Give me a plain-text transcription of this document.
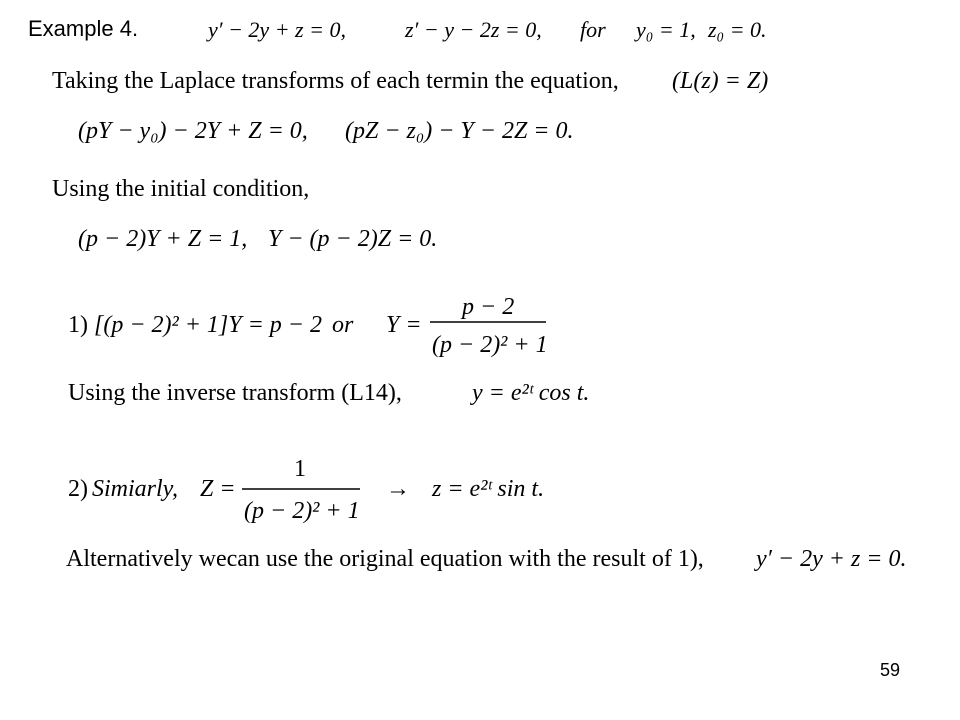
Example 4.	y′ − 2y + z = 0,	z′ − y − 2z = 0, for y₀ = 1, z₀ = 0.
Taking the Laplace transforms of each termin the equation, (L(z) = Z)
(pY − y₀) − 2Y + Z = 0, (pZ − z₀) − Y − 2Z = 0.
Using the initial condition,
(p − 2)Y + Z = 1, Y − (p − 2)Z = 0.
1) [(p − 2)² + 1]Y = p − 2 or Y =
p − 2
(p − 2)² + 1
Using the inverse transform (L14),	y = e²ᵗ cos t.
2) Simiarly, Z =
1
(p − 2)² + 1
→ z = e²ᵗ sin t.
Alternatively wecan use the original equation with the result of 1), y′ − 2y + z = 0.
59
